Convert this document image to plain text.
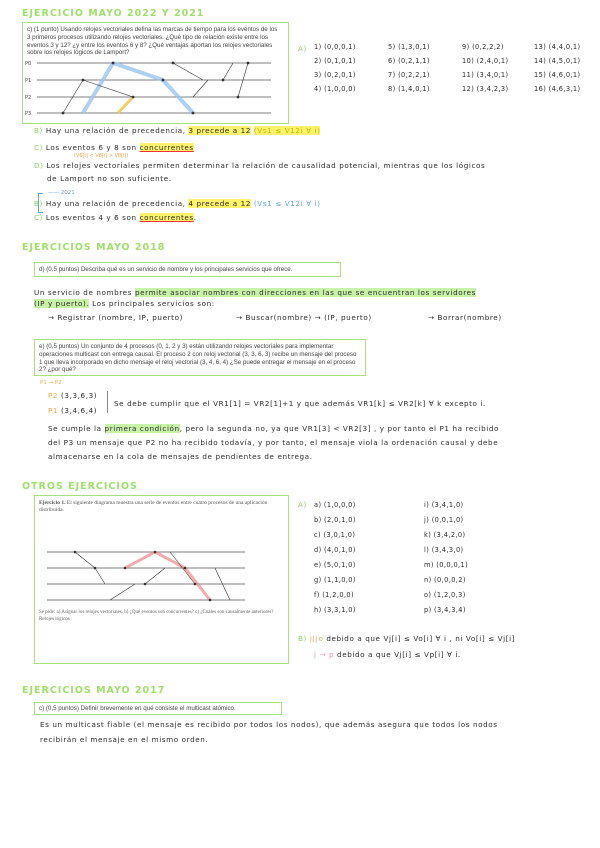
EJERCICIO MAYO 2022 Y 2021
c) (1 punto) Usando relojes vectoriales defina las marcas de tiempo para los eventos de los 3 primeros procesos utilizando relojes vectoriales. ¿Qué tipo de relación existe entre los eventos 3 y 12? ¿y entre los eventos 6 y 8? ¿Qué ventajas aportan los relojes vectoriales sobre los relojes lógicos de Lamport?
P0
P1
P2
P3
A) 1) (0,0,0,1)	5) (1,3,0,1)	9) (0,2,2,2)	13) (4,4,0,1)
2) (0,1,0,1)	6) (0,2,1,1)	10) (2,4,0,1)	14) (4,5,0,1)
3) (0,2,0,1)	7) (0,2,2,1)	11) (3,4,0,1)	15) (4,6,0,1)
4) (1,0,0,0)	8) (1,4,0,1)	12) (3,4,2,3)	16) (4,6,3,1)
B) Hay una relación de precedencia, 3 precede a 12 (Vs1 ≤ V12i ∀ i)
C) Los eventos 6 y 8 son concurrentes
(V6[i] < V8[i] > V8[i])
D) Los relojes vectoriales permiten determinar la relación de causalidad potencial, mientras que los lógicos
de Lamport no son suficiente.
—— 2021
B) Hay una relación de precedencia, 4 precede a 12 (Vs1 ≤ V12i ∀ i)
C) Los eventos 4 y 6 son concurrentes.
EJERCICIOS MAYO 2018
d) (0,5 puntos) Describa qué es un servicio de nombre y los principales servicios que ofrece.
Un servicio de nombres permite asociar nombres con direcciones en las que se encuentran los servidores
(IP y puerto). Los principales servicios son:
→ Registrar (nombre, IP, puerto)	→ Buscar(nombre) → (IP, puerto)	→ Borrar(nombre)
e) (0,5 puntos) Un conjunto de 4 procesos (0, 1, 2 y 3) están utilizando relojes vectoriales para implementar operaciones multicast con entrega causal. El proceso 2 con reloj vectorial (3, 3, 6, 3) recibe un mensaje del proceso 1 que lleva incorporado en dicho mensaje el reloj vectorial (3, 4, 6, 4) ¿Se puede entregar el mensaje en el proceso 2? ¿por qué?
P1 → P2
P2 (3,3,6,3)
P1 (3,4,6,4)
Se debe cumplir que el VR1[1] = VR2[1]+1 y que además VR1[k] ≤ VR2[k] ∀ k excepto i.
Se cumple la primera condición, pero la segunda no, ya que VR1[3] < VR2[3] , y por tanto el P1 ha recibido
del P3 un mensaje que P2 no ha recibido todavía, y por tanto, el mensaje viola la ordenación causal y debe
almacenarse en la cola de mensajes de pendientes de entrega.
OTROS EJERCICIOS
Ejercicio 1. El siguiente diagrama muestra una serie de eventos entre cuatro procesos de una aplicación distribuida.
Se pide: a) Asignar los relojes vectoriales. b) ¿Qué eventos son concurrentes? c) ¿Cuáles son causalmente anteriores? Relojes lógicos
A) a) (1,0,0,0)	i) (3,4,1,0)
b) (2,0,1,0)	j) (0,0,1,0)
c) (3,0,1,0)	k) (3,4,2,0)
d) (4,0,1,0)	l) (3,4,3,0)
e) (5,0,1,0)	m) (0,0,0,1)
g) (1,1,0,0)	n) (0,0,0,2)
f) (1,2,0,0)	o) (1,2,0,3)
h) (3,3,1,0)	p) (3,4,3,4)
B) j||o debido a que Vj[i] ≤ Vo[i] ∀ i , ni Vo[i] ≤ Vj[i]
j → p debido a que Vj[i] ≤ Vp[i] ∀ i.
EJERCICIOS MAYO 2017
c) (0,5 puntos) Definir brevemente en qué consiste el multicast atómico.
Es un multicast fiable (el mensaje es recibido por todos los nodos), que además asegura que todos los nodos
recibirán el mensaje en el mismo orden.
